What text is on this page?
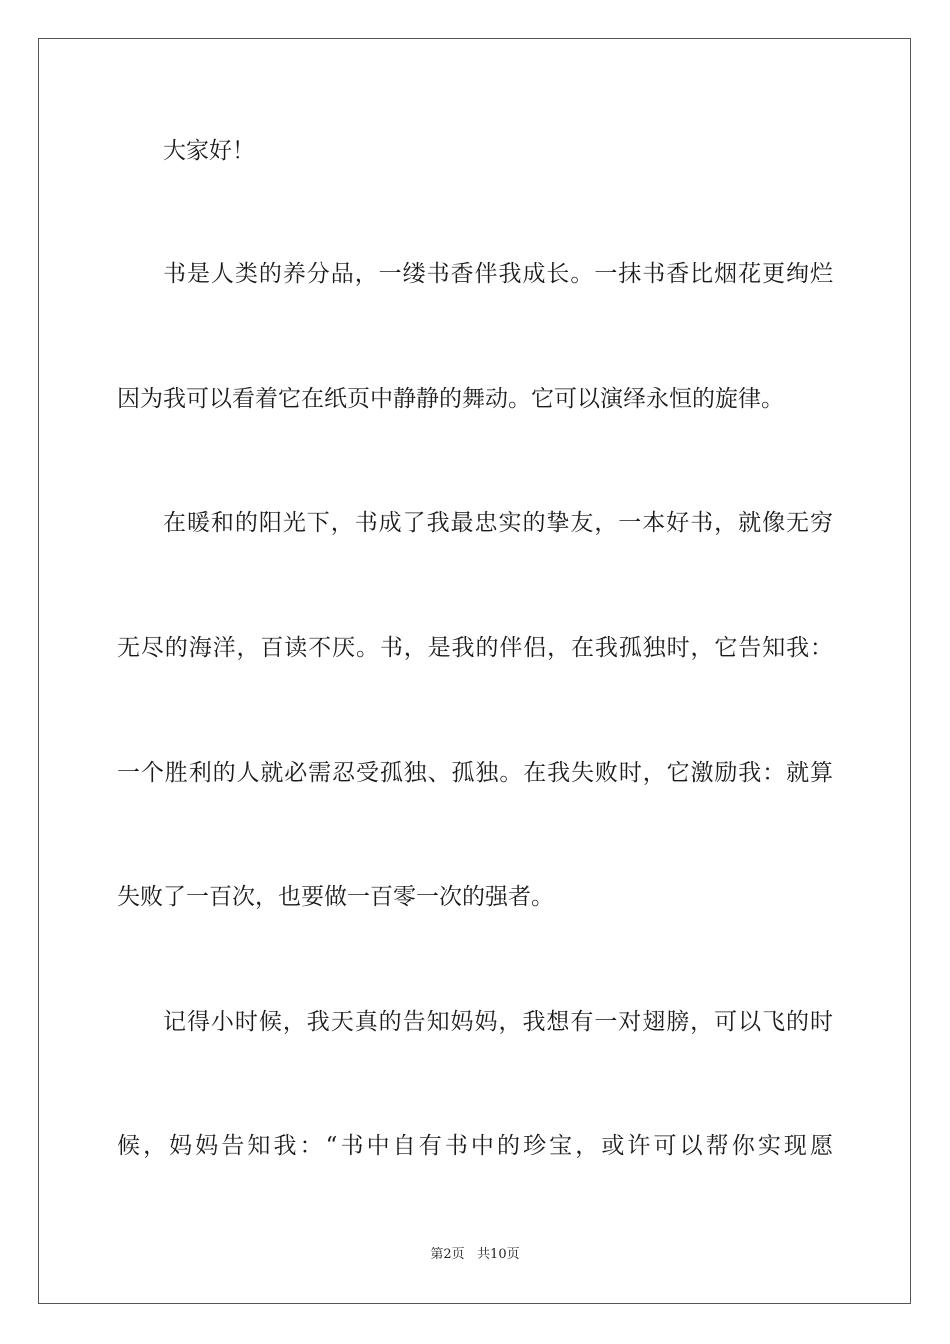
大家好！

书是人类的养分品，一缕书香伴我成长。一抹书香比烟花更绚烂

因为我可以看着它在纸页中静静的舞动。它可以演绎永恒的旋律。

在暖和的阳光下，书成了我最忠实的挚友，一本好书，就像无穷

无尽的海洋，百读不厌。书，是我的伴侣，在我孤独时，它告知我：

一个胜利的人就必需忍受孤独、孤独。在我失败时，它激励我：就算

失败了一百次，也要做一百零一次的强者。

记得小时候，我天真的告知妈妈，我想有一对翅膀，可以飞的时

候，妈妈告知我：“书中自有书中的珍宝，或许可以帮你实现愿

第2页   共10页
